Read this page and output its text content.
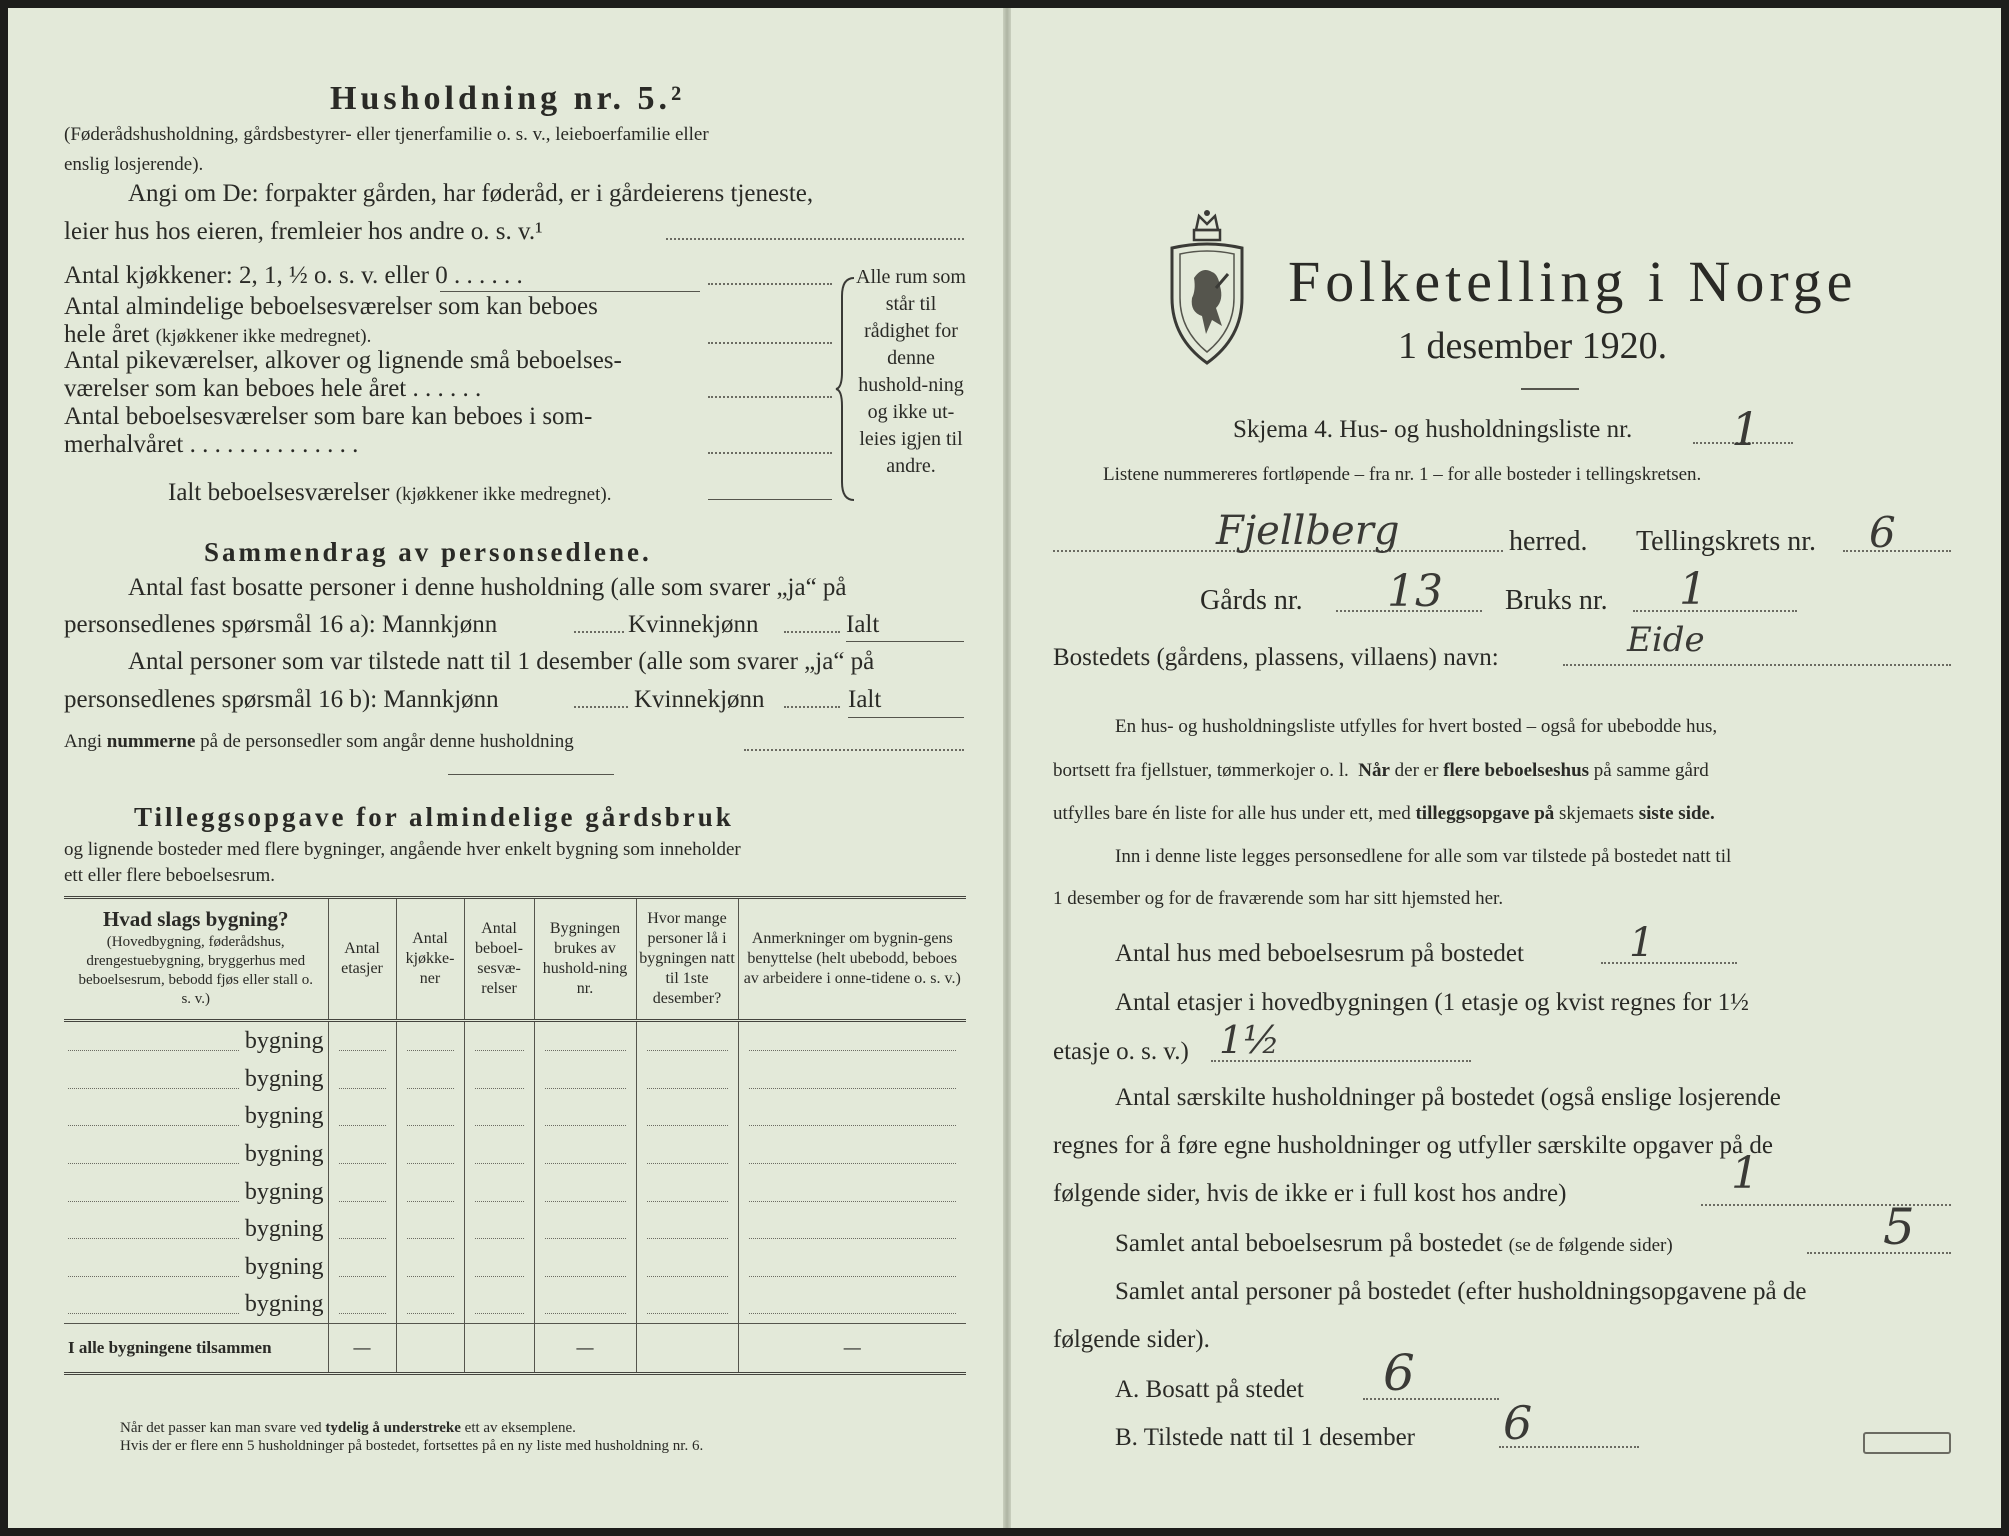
Husholdning nr. 5.²
(Føderådshusholdning, gårdsbestyrer- eller tjenerfamilie o. s. v., leieboerfamilie eller
enslig losjerende).
Angi om De: forpakter gården, har føderåd, er i gårdeierens tjeneste,
leier hus hos eieren, fremleier hos andre o. s. v.¹
Antal kjøkkener: 2, 1, ½ o. s. v. eller 0 . . . . . .
Antal almindelige beboelsesværelser som kan beboes
hele året (kjøkkener ikke medregnet).
Antal pikeværelser, alkover og lignende små beboelses-
værelser som kan beboes hele året . . . . . .
Antal beboelsesværelser som bare kan beboes i som-
merhalvåret . . . . . . . . . . . . . .
Ialt beboelsesværelser (kjøkkener ikke medregnet).
Alle rum som står til rådighet for denne hushold-ning og ikke ut-leies igjen til andre.
Sammendrag av personsedlene.
Antal fast bosatte personer i denne husholdning (alle som svarer „ja“ på
personsedlenes spørsmål 16 a): Mannkjønn	Kvinnekjønn	Ialt
Antal personer som var tilstede natt til 1 desember (alle som svarer „ja“ på
personsedlenes spørsmål 16 b): Mannkjønn	Kvinnekjønn	Ialt
Angi nummerne på de personsedler som angår denne husholdning
Tilleggsopgave for almindelige gårdsbruk
og lignende bosteder med flere bygninger, angående hver enkelt bygning som inneholder
ett eller flere beboelsesrum.
Hvad slags bygning?
(Hovedbygning, føderådshus, drengestuebygning, bryggerhus med beboelsesrum, bebodd fjøs eller stall o. s. v.)	Antal etasjer	Antal kjøkke-ner	Antal beboel-sesvæ-relser	Bygningen brukes av hushold-ning nr.	Hvor mange personer lå i bygningen natt til 1ste desember?	Anmerkninger om bygnin-gens benyttelse (helt ubebodd, beboes av arbeidere i onne-tidene o. s. v.)

bygning						

bygning						

bygning						

bygning						

bygning						

bygning						

bygning						

bygning						

I alle bygningene tilsammen	—			—		—
Når det passer kan man svare ved tydelig å understreke ett av eksemplene.
Hvis der er flere enn 5 husholdninger på bostedet, fortsettes på en ny liste med husholdning nr. 6.
Folketelling i Norge
1 desember 1920.
Skjema 4. Hus- og husholdningsliste nr. 1
Listene nummereres fortløpende – fra nr. 1 – for alle bosteder i tellingskretsen.
Fjellberg	herred. Tellingskrets nr. 6
Gårds nr. 13 Bruks nr. 1
Bostedets (gårdens, plassens, villaens) navn:	Eide
En hus- og husholdningsliste utfylles for hvert bosted – også for ubebodde hus,
bortsett fra fjellstuer, tømmerkojer o. l. Når der er flere beboelseshus på samme gård
utfylles bare én liste for alle hus under ett, med tilleggsopgave på skjemaets siste side.
Inn i denne liste legges personsedlene for alle som var tilstede på bostedet natt til
1 desember og for de fraværende som har sitt hjemsted her.
Antal hus med beboelsesrum på bostedet	1
Antal etasjer i hovedbygningen (1 etasje og kvist regnes for 1½
etasje o. s. v.) 1½
Antal særskilte husholdninger på bostedet (også enslige losjerende
regnes for å føre egne husholdninger og utfyller særskilte opgaver på de
følgende sider, hvis de ikke er i full kost hos andre)	1
Samlet antal beboelsesrum på bostedet (se de følgende sider)	5
Samlet antal personer på bostedet (efter husholdningsopgavene på de
følgende sider).
A. Bosatt på stedet 6
B. Tilstede natt til 1 desember 6
